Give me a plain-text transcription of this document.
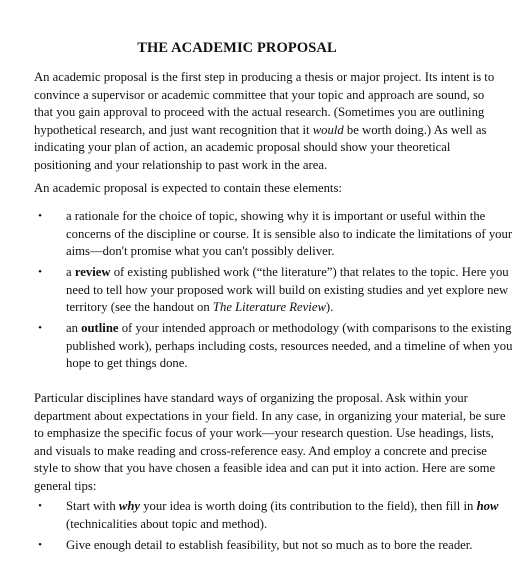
THE ACADEMIC PROPOSAL
An academic proposal is the first step in producing a thesis or major project. Its intent is to
convince a supervisor or academic committee that your topic and approach are sound, so
that you gain approval to proceed with the actual research. (Sometimes you are outlining
hypothetical research, and just want recognition that it would be worth doing.) As well as
indicating your plan of action, an academic proposal should show your theoretical
positioning and your relationship to past work in the area.
An academic proposal is expected to contain these elements:
•	a rationale for the choice of topic, showing why it is important or useful within the
concerns of the discipline or course. It is sensible also to indicate the limitations of your
aims—don't promise what you can't possibly deliver.
•	a review of existing published work (“the literature”) that relates to the topic. Here you
need to tell how your proposed work will build on existing studies and yet explore new
territory (see the handout on The Literature Review).
•	an outline of your intended approach or methodology (with comparisons to the existing
published work), perhaps including costs, resources needed, and a timeline of when you
hope to get things done.
Particular disciplines have standard ways of organizing the proposal. Ask within your
department about expectations in your field. In any case, in organizing your material, be sure
to emphasize the specific focus of your work—your research question. Use headings, lists,
and visuals to make reading and cross-reference easy. And employ a concrete and precise
style to show that you have chosen a feasible idea and can put it into action. Here are some
general tips:
•	Start with why your idea is worth doing (its contribution to the field), then fill in how
(technicalities about topic and method).
•	Give enough detail to establish feasibility, but not so much as to bore the reader.
